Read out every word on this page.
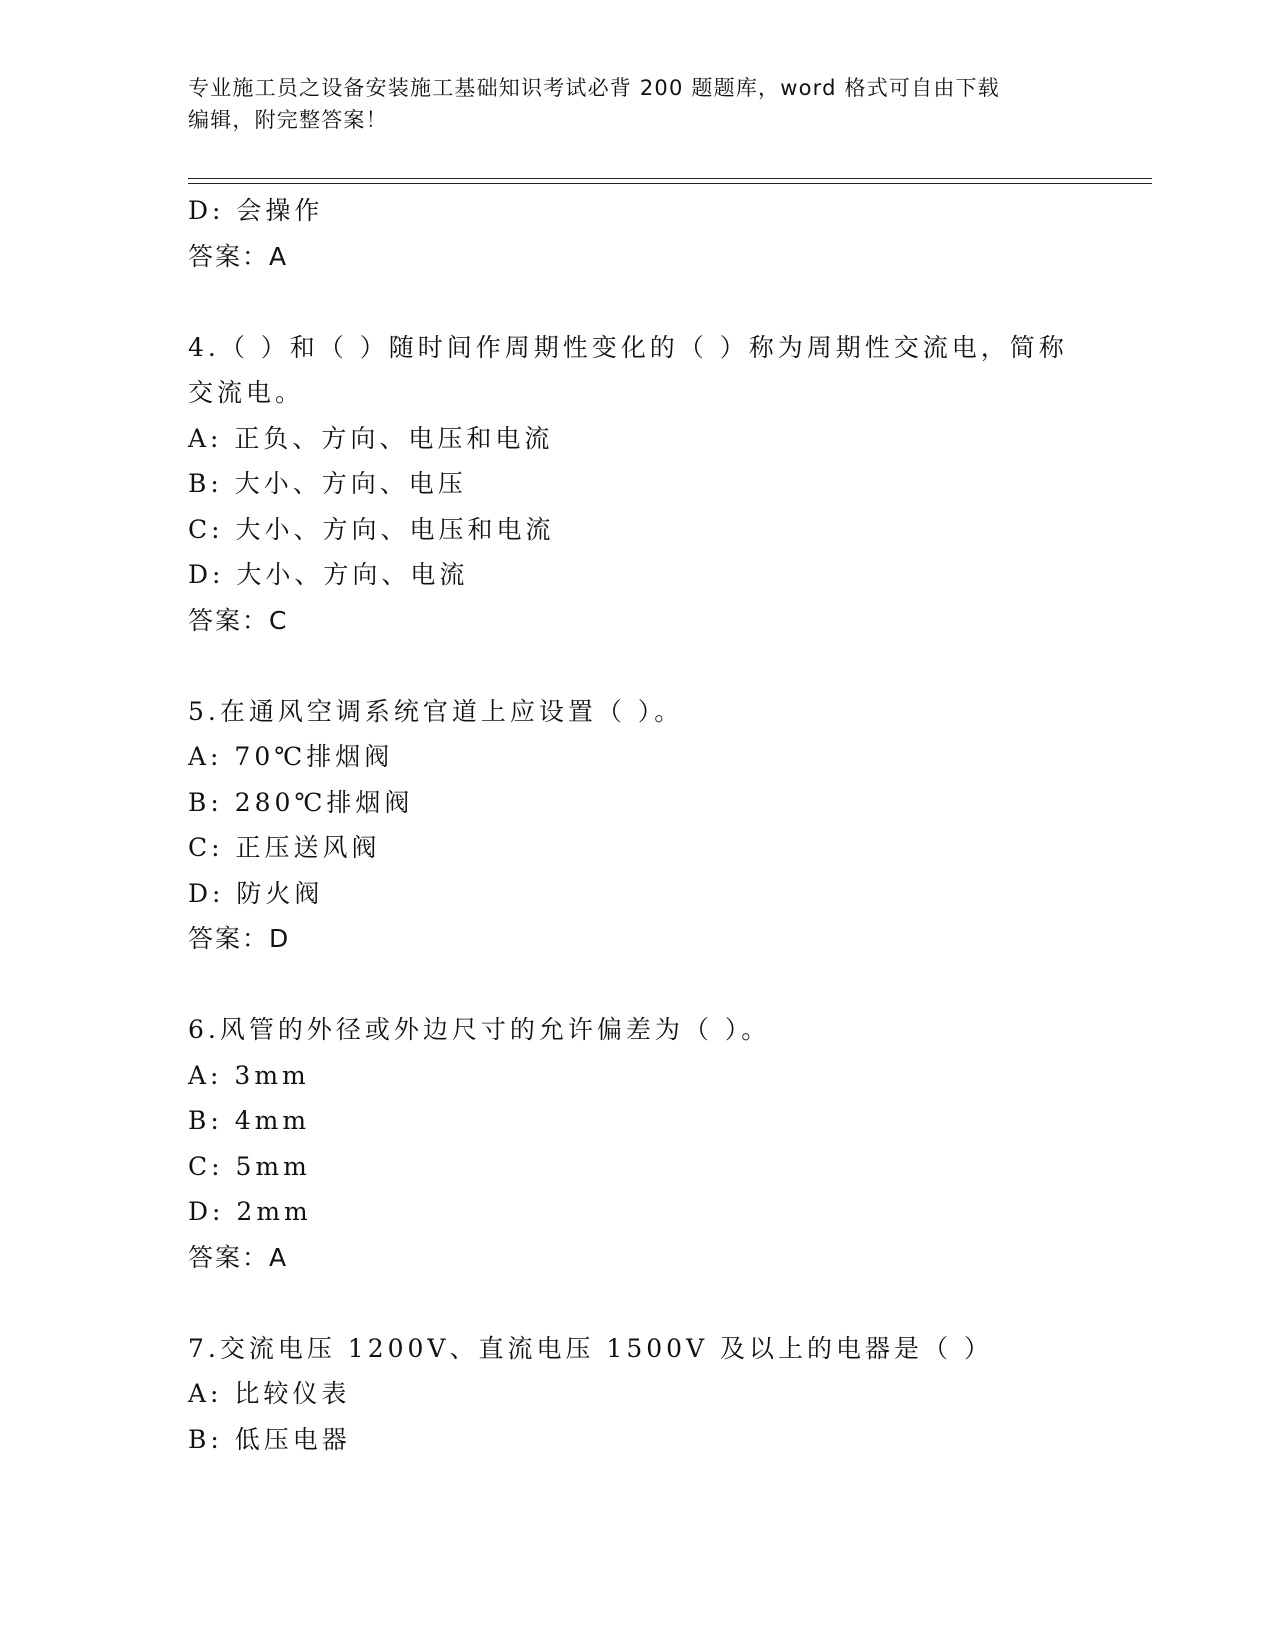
专业施工员之设备安装施工基础知识考试必背 200 题题库，word 格式可自由下载
编辑，附完整答案！
D: 会操作
答案：A
4.（ ）和（ ）随时间作周期性变化的（ ）称为周期性交流电，简称
交流电。
A: 正负、方向、电压和电流
B: 大小、方向、电压
C: 大小、方向、电压和电流
D: 大小、方向、电流
答案：C
5.在通风空调系统官道上应设置（ ）。
A: 70℃排烟阀
B: 280℃排烟阀
C: 正压送风阀
D: 防火阀
答案：D
6.风管的外径或外边尺寸的允许偏差为（ ）。
A: 3mm
B: 4mm
C: 5mm
D: 2mm
答案：A
7.交流电压 1200V、直流电压 1500V 及以上的电器是（ ）
A: 比较仪表
B: 低压电器
